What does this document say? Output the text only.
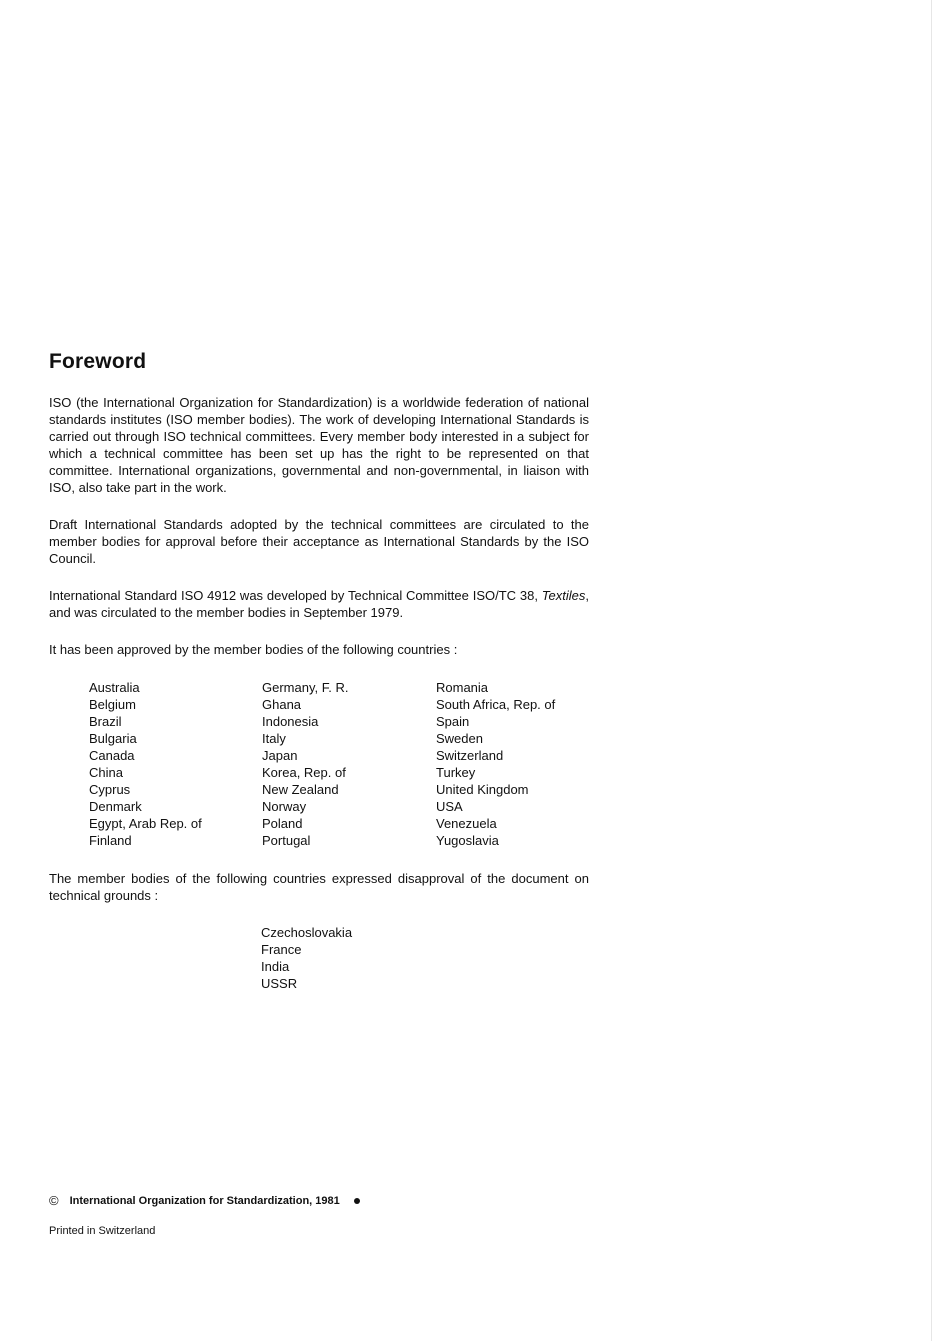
Foreword

ISO (the International Organization for Standardization) is a worldwide federation of national standards institutes (ISO member bodies). The work of developing International Standards is carried out through ISO technical committees. Every member body interested in a subject for which a technical committee has been set up has the right to be represented on that committee. International organizations, governmental and non-governmental, in liaison with ISO, also take part in the work.

Draft International Standards adopted by the technical committees are circulated to the member bodies for approval before their acceptance as International Standards by the ISO Council.

International Standard ISO 4912 was developed by Technical Committee ISO/TC 38, Textiles, and was circulated to the member bodies in September 1979.

It has been approved by the member bodies of the following countries :

Australia
Belgium
Brazil
Bulgaria
Canada
China
Cyprus
Denmark
Egypt, Arab Rep. of
Finland
Germany, F. R.
Ghana
Indonesia
Italy
Japan
Korea, Rep. of
New Zealand
Norway
Poland
Portugal
Romania
South Africa, Rep. of
Spain
Sweden
Switzerland
Turkey
United Kingdom
USA
Venezuela
Yugoslavia

The member bodies of the following countries expressed disapproval of the document on technical grounds :

Czechoslovakia
France
India
USSR
© International Organization for Standardization, 1981
Printed in Switzerland
